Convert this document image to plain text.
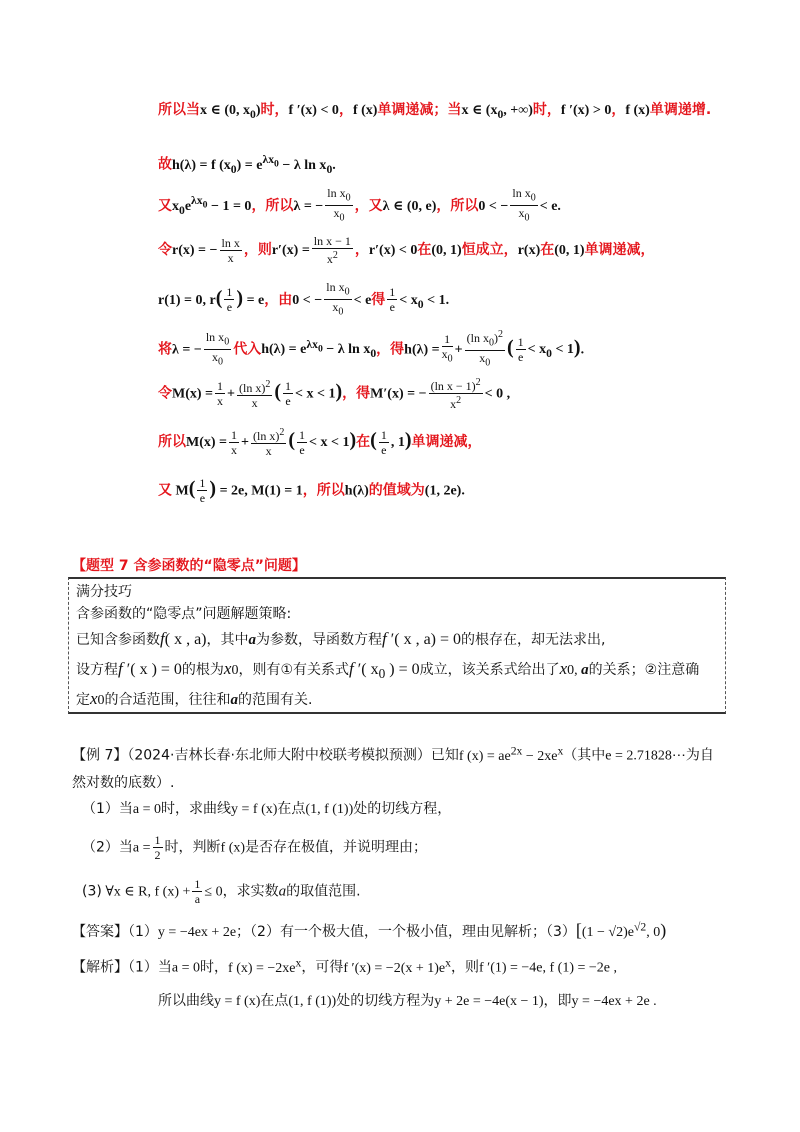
所以当x ∈ (0, $x_0$)时，f ′(x) < 0，f (x)单调递减；当x ∈ ($x_0$, +∞)时，f ′(x) > 0，f (x)单调递增.
故h(λ) = f $(x_0) = e^{\lambda x_0} - \lambda$ $\ln x_0$.
又$x_0e^{\lambda x_0} - 1 = 0$，所以λ = − $\frac{\ln x_0}{x_0}$ ，又λ ∈ (0, e)，所以0 < − $\frac{\ln x_0}{x_0} < e$.
令r(x) = − $\frac{\text{ln x}}{x}$ ，则$r'(x) = \frac{\text{ln x − 1}}{x^2}$ ，r′(x) < 0在(0, 1)恒成立，r(x)在(0, 1)单调递减，
r(1) = 0, $r( \frac{1}{e}$ ) = e，由0 < − $\frac{\ln x_0}{x_0} < e$得 $\frac{1}{e} < x_0 < 1$.
将λ = − $\frac{\ln x_0}{x_0}$ 代入$h(\lambda) = e^{\lambda x_0} - \lambda$ $\ln x_0$，得$h(\lambda) = \frac{1}{x_0} + \frac{(\ln x_0)^2}{x_0}$ ( $\frac{1}{e} < x_0 < 1$).
令$M(x) = \frac{1}{x} + \frac{(\ln x)^2}{x}$ ( $\frac{1}{e} < x < 1$)，得M′(x) = − $\frac{(\ln x - 1)^2}{x^2} < 0$ ,
所以$M(x) = \frac{1}{x} + \frac{(\ln x)^2}{x}$ ( $\frac{1}{e} < x < 1$)在( $\frac{1}{e}$ , 1)单调递减，
又 $M( \frac{1}{e}$ ) = 2e, M(1) = 1，所以h(λ)的值域为(1, 2e).
【题型 7 含参函数的“隐零点”问题】
满分技巧
含参函数的“隐零点”问题解题策略:
已知含参函数f( x , a)，其中a为参数，导函数方程f ′( x , a) = 0的根存在，却无法求出,
设方程f ′( x ) = 0的根为x0，则有①有关系式f ′( $x_0$ ) = 0成立，该关系式给出了x0, a的关系；②注意确
定x0的合适范围，往往和a的范围有关.
【例 7】（2024·吉林长春·东北师大附中校联考模拟预测）已知f $(x) = ae^{2x} - 2xe^x$（其中e = 2.71828⋯为自
然对数的底数）.
（1）当a = 0时，求曲线y = f (x)在点(1, f (1))处的切线方程，
（2）当$a = \frac{1}{2}$ 时，判断f (x)是否存在极值，并说明理由；
(3) ∀x ∈ R, f $(x) + \frac{1}{a} \le 0$，求实数a的取值范围.
【答案】（1）y = −4ex + 2e；（2）有一个极大值，一个极小值，理由见解析；$(3)[(1 - √2)e^{√2}$, 0)
【解析】（1）当a = 0时，f $(x) = -2xe^x$，可得f $'(x) = -2(x + 1)e^x$，则f ′(1) = −4e, f (1) = −2e ,
所以曲线y = f (x)在点(1, f (1))处的切线方程为y + 2e = −4e(x − 1)，即y = −4ex + 2e .
